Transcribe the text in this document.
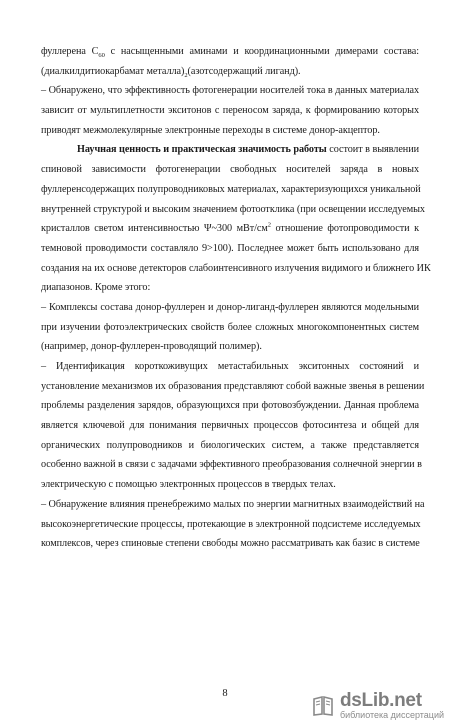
фуллерена $С_{60}$ с насыщенными аминами и координационными димерами состава:
(диалкилдитиокарбамат $металла)_2(азотсодержащий$ лиганд).
– Обнаружено, что эффективность фотогенерации носителей тока в данных материалах
зависит от мультиплетности экситонов с переносом заряда, к формированию которых
приводят межмолекулярные электронные переходы в системе донор-акцептор.
Научная ценность и практическая значимость работы состоит в выявлении
спиновой зависимости фотогенерации свободных носителей заряда в новых
фуллеренсодержащих полупроводниковых материалах, характеризующихся уникальной
внутренней структурой и высоким значением фотоотклика (при освещении исследуемых
кристаллов светом интенсивностью Ψ~300 мВт/$см^2$ отношение фотопроводимости к
темновой проводимости составляло 9>100). Последнее может быть использовано для
создания на их основе детекторов слабоинтенсивного излучения видимого и ближнего ИК
диапазонов. Кроме этого:
– Комплексы состава донор-фуллерен и донор-лиганд-фуллерен являются модельными
при изучении фотоэлектрических свойств более сложных многокомпонентных систем
(например, донор-фуллерен-проводящий полимер).
– Идентификация короткоживущих метастабильных экситонных состояний и
установление механизмов их образования представляют собой важные звенья в решении
проблемы разделения зарядов, образующихся при фотовозбуждении. Данная проблема
является ключевой для понимания первичных процессов фотосинтеза и общей для
органических полупроводников и биологических систем, а также представляется
особенно важной в связи с задачами эффективного преобразования солнечной энергии в
электрическую с помощью электронных процессов в твердых телах.
– Обнаружение влияния пренебрежимо малых по энергии магнитных взаимодействий на
высокоэнергетические процессы, протекающие в электронной подсистеме исследуемых
комплексов, через спиновые степени свободы можно рассматривать как базис в системе
8	dsLib.net
библиотека диссертаций
